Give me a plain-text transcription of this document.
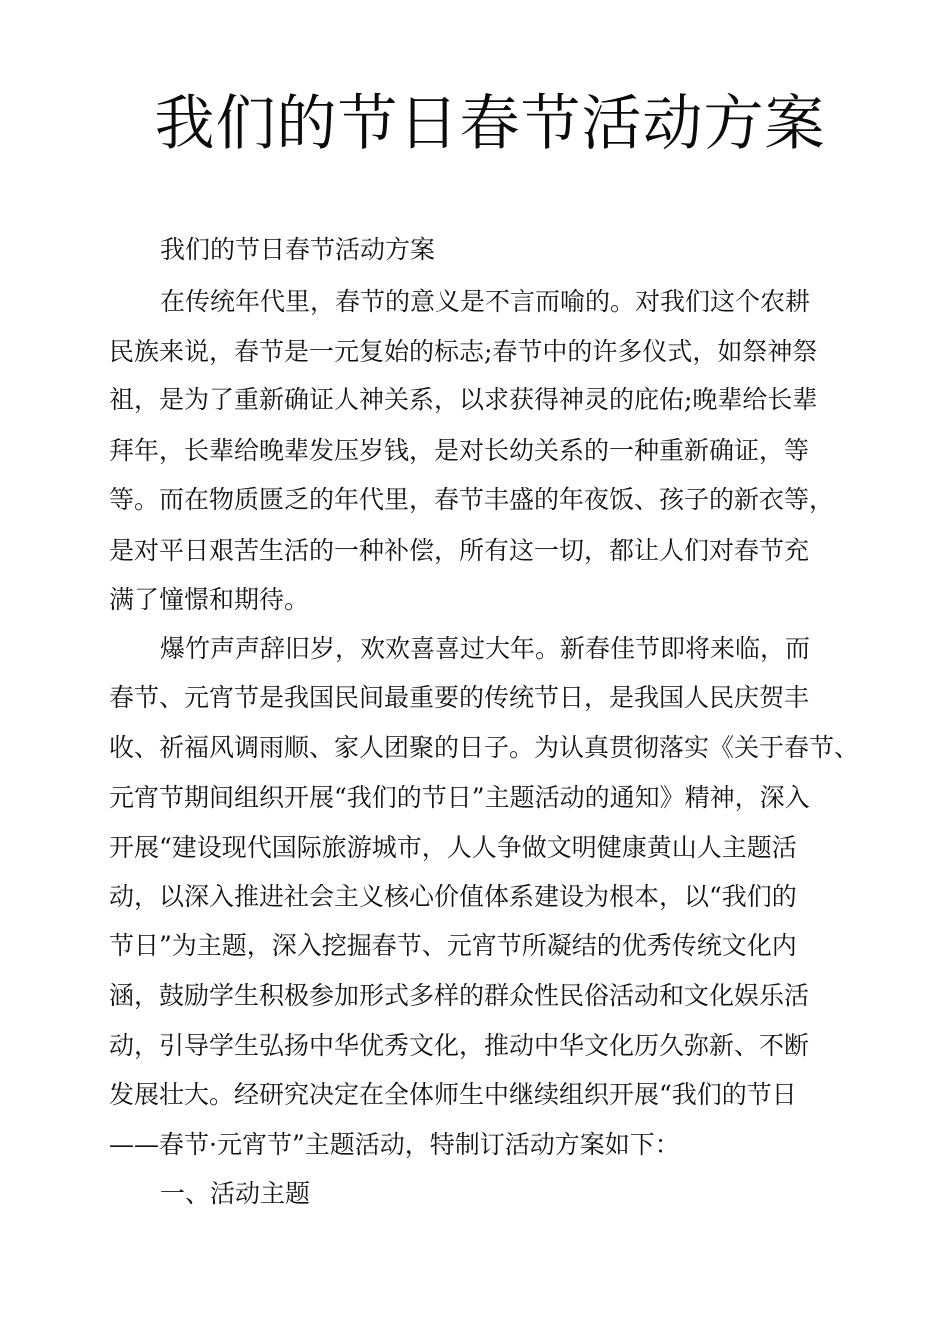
我们的节日春节活动方案
我们的节日春节活动方案
在传统年代里，春节的意义是不言而喻的。对我们这个农耕
民族来说，春节是一元复始的标志;春节中的许多仪式，如祭神祭
祖，是为了重新确证人神关系，以求获得神灵的庇佑;晚辈给长辈
拜年，长辈给晚辈发压岁钱，是对长幼关系的一种重新确证，等
等。而在物质匮乏的年代里，春节丰盛的年夜饭、孩子的新衣等，
是对平日艰苦生活的一种补偿，所有这一切，都让人们对春节充
满了憧憬和期待。
爆竹声声辞旧岁，欢欢喜喜过大年。新春佳节即将来临，而
春节、元宵节是我国民间最重要的传统节日，是我国人民庆贺丰
收、祈福风调雨顺、家人团聚的日子。为认真贯彻落实《关于春节、
元宵节期间组织开展“我们的节日”主题活动的通知》精神，深入
开展“建设现代国际旅游城市，人人争做文明健康黄山人主题活
动，以深入推进社会主义核心价值体系建设为根本，以“我们的
节日”为主题，深入挖掘春节、元宵节所凝结的优秀传统文化内
涵，鼓励学生积极参加形式多样的群众性民俗活动和文化娱乐活
动，引导学生弘扬中华优秀文化，推动中华文化历久弥新、不断
发展壮大。经研究决定在全体师生中继续组织开展“我们的节日
——春节·元宵节”主题活动，特制订活动方案如下：
一、活动主题
